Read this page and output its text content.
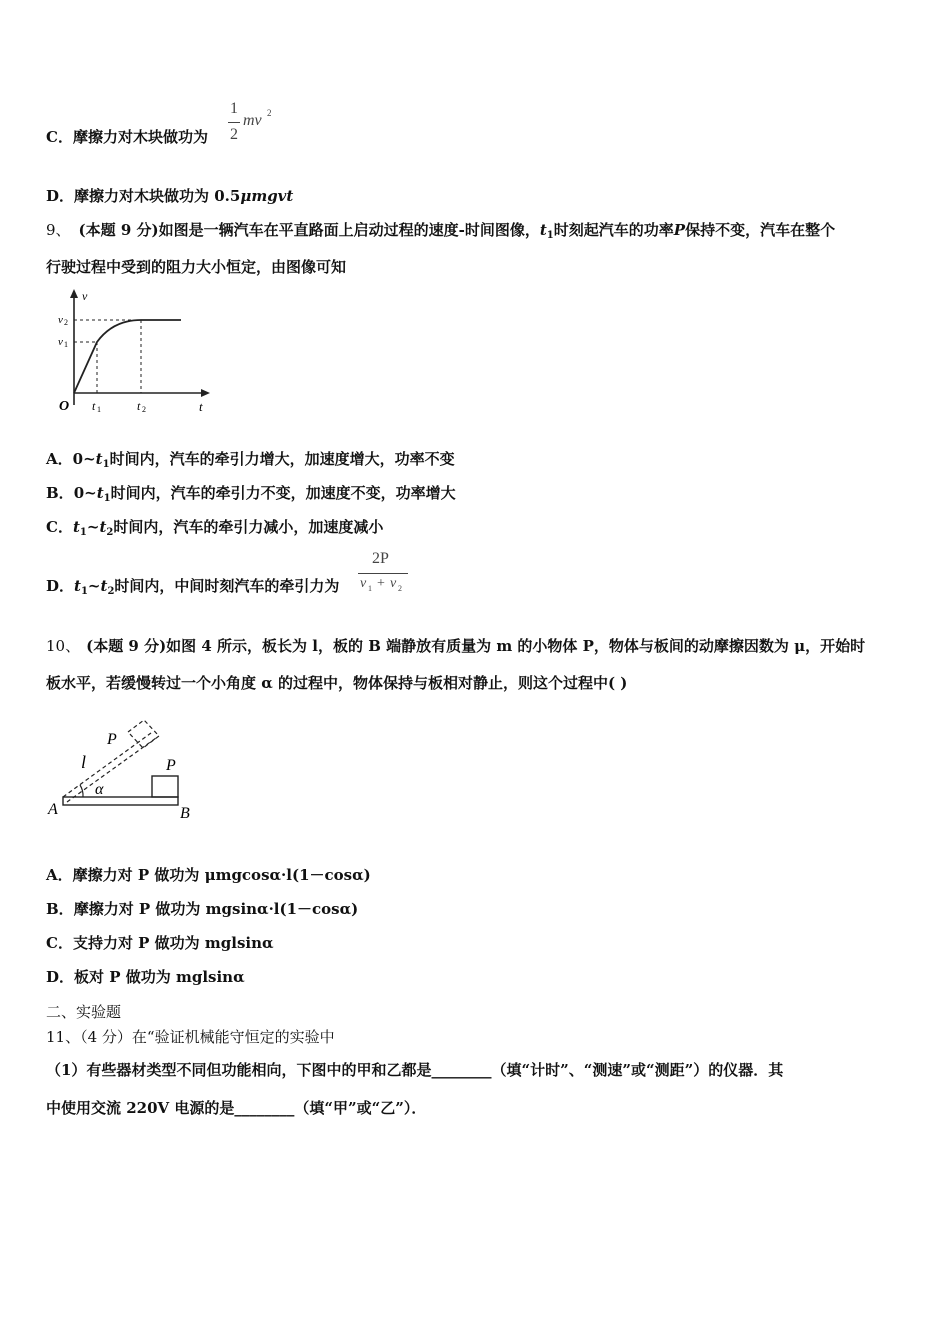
C．摩擦力对木块做功为
1
2
mv 2
D．摩擦力对木块做功为 0.5μmgvt
9、 (本题 9 分)如图是一辆汽车在平直路面上启动过程的速度-时间图像，$t_1$时刻起汽车的功率P保持不变，汽车在整个
行驶过程中受到的阻力大小恒定，由图像可知
v
t
O
v 2
v 1
t 1	t 2
A．$0\sim t_1$时间内，汽车的牵引力增大，加速度增大，功率不变
B．$0\sim t_1$时间内，汽车的牵引力不变，加速度不变，功率增大
C．$t_1\sim t_2$时间内，汽车的牵引力减小，加速度减小
D．$t_1\sim t_2$时间内，中间时刻汽车的牵引力为
2P
v 1 + v 2
10、 (本题 9 分)如图 4 所示，板长为 l，板的 B 端静放有质量为 m 的小物体 P，物体与板间的动摩擦因数为 μ，开始时
板水平，若缓慢转过一个小角度 α 的过程中，物体保持与板相对静止，则这个过程中( )
P
P
l
α
A	B
A．摩擦力对 P 做功为 μmgcosα·l(1－cosα)
B．摩擦力对 P 做功为 mgsinα·l(1－cosα)
C．支持力对 P 做功为 mglsinα
D．板对 P 做功为 mglsinα
二、实验题
11、（4 分）在“验证机械能守恒定的实验中
（1）有些器材类型不同但功能相向，下图中的甲和乙都是________（填“计时”、“测速”或“测距”）的仪器．其
中使用交流 220V 电源的是________（填“甲”或“乙”）．
